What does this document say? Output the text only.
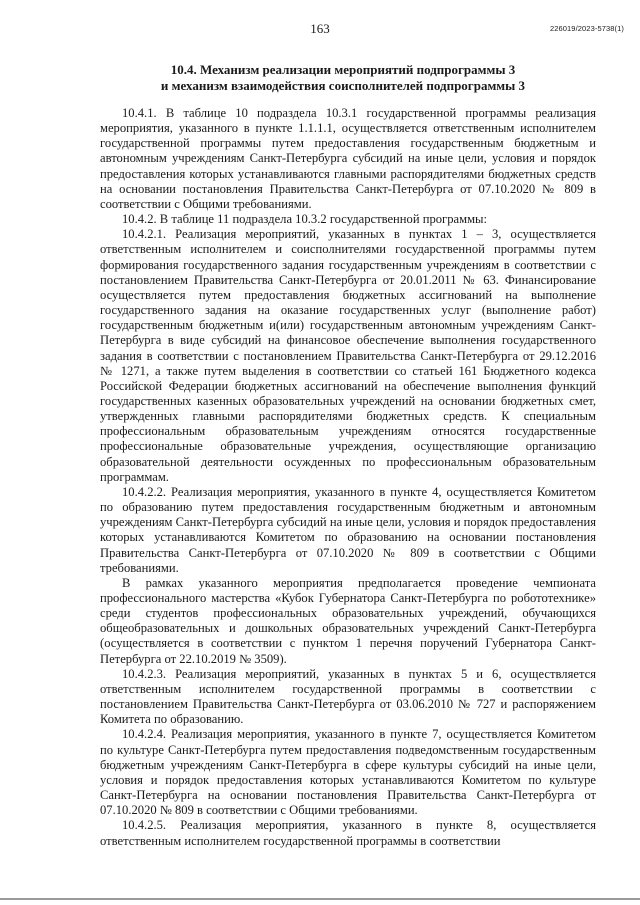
163	226019/2023-5738(1)
10.4. Механизм реализации мероприятий подпрограммы 3
и механизм взаимодействия соисполнителей подпрограммы 3

10.4.1. В таблице 10 подраздела 10.3.1 государственной программы реализация мероприятия, указанного в пункте 1.1.1.1, осуществляется ответственным исполнителем государственной программы путем предоставления государственным бюджетным и автономным учреждениям Санкт-Петербурга субсидий на иные цели, условия и порядок предоставления которых устанавливаются главными распорядителями бюджетных средств на основании постановления Правительства Санкт-Петербурга от 07.10.2020 № 809 в соответствии с Общими требованиями.

10.4.2. В таблице 11 подраздела 10.3.2 государственной программы:

10.4.2.1. Реализация мероприятий, указанных в пунктах 1 – 3, осуществляется ответственным исполнителем и соисполнителями государственной программы путем формирования государственного задания государственным учреждениям в соответствии с постановлением Правительства Санкт-Петербурга от 20.01.2011 № 63. Финансирование осуществляется путем предоставления бюджетных ассигнований на выполнение государственного задания на оказание государственных услуг (выполнение работ) государственным бюджетным и(или) государственным автономным учреждениям Санкт-Петербурга в виде субсидий на финансовое обеспечение выполнения государственного задания в соответствии с постановлением Правительства Санкт-Петербурга от 29.12.2016 № 1271, а также путем выделения в соответствии со статьей 161 Бюджетного кодекса Российской Федерации бюджетных ассигнований на обеспечение выполнения функций государственных казенных образовательных учреждений на основании бюджетных смет, утвержденных главными распорядителями бюджетных средств. К специальным профессиональным образовательным учреждениям относятся государственные профессиональные образовательные учреждения, осуществляющие организацию образовательной деятельности осужденных по профессиональным образовательным программам.

10.4.2.2. Реализация мероприятия, указанного в пункте 4, осуществляется Комитетом по образованию путем предоставления государственным бюджетным и автономным учреждениям Санкт-Петербурга субсидий на иные цели, условия и порядок предоставления которых устанавливаются Комитетом по образованию на основании постановления Правительства Санкт-Петербурга от 07.10.2020 № 809 в соответствии с Общими требованиями.

В рамках указанного мероприятия предполагается проведение чемпионата профессионального мастерства «Кубок Губернатора Санкт-Петербурга по робототехнике» среди студентов профессиональных образовательных учреждений, обучающихся общеобразовательных и дошкольных образовательных учреждений Санкт-Петербурга (осуществляется в соответствии с пунктом 1 перечня поручений Губернатора Санкт-Петербурга от 22.10.2019 № 3509).

10.4.2.3. Реализация мероприятий, указанных в пунктах 5 и 6, осуществляется ответственным исполнителем государственной программы в соответствии с постановлением Правительства Санкт-Петербурга от 03.06.2010 № 727 и распоряжением Комитета по образованию.

10.4.2.4. Реализация мероприятия, указанного в пункте 7, осуществляется Комитетом по культуре Санкт-Петербурга путем предоставления подведомственным государственным бюджетным учреждениям Санкт-Петербурга в сфере культуры субсидий на иные цели, условия и порядок предоставления которых устанавливаются Комитетом по культуре Санкт-Петербурга на основании постановления Правительства Санкт-Петербурга от 07.10.2020 № 809 в соответствии с Общими требованиями.

10.4.2.5. Реализация мероприятия, указанного в пункте 8, осуществляется ответственным исполнителем государственной программы в соответствии
